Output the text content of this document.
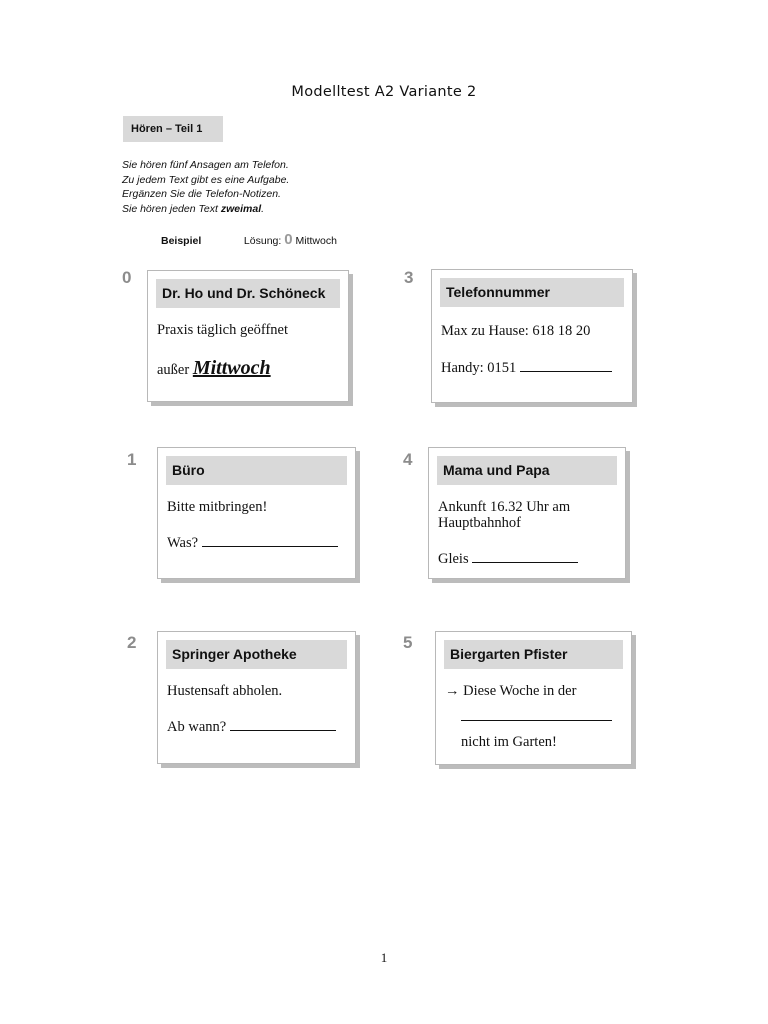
Modelltest A2 Variante 2
Hören – Teil 1
Sie hören fünf Ansagen am Telefon.
Zu jedem Text gibt es eine Aufgabe.
Ergänzen Sie die Telefon-Notizen.
Sie hören jeden Text zweimal.
Beispiel	Lösung: 0 Mittwoch
0
Dr. Ho und Dr. Schöneck
Praxis täglich geöffnet
außer Mittwoch
3
Telefonnummer
Max zu Hause: 618 18 20
Handy: 0151
1
Büro
Bitte mitbringen!
Was?
4
Mama und Papa
Ankunft 16.32 Uhr am
Hauptbahnhof
Gleis
2
Springer Apotheke
Hustensaft abholen.
Ab wann?
5
Biergarten Pfister
→ Diese Woche in der
nicht im Garten!
1
